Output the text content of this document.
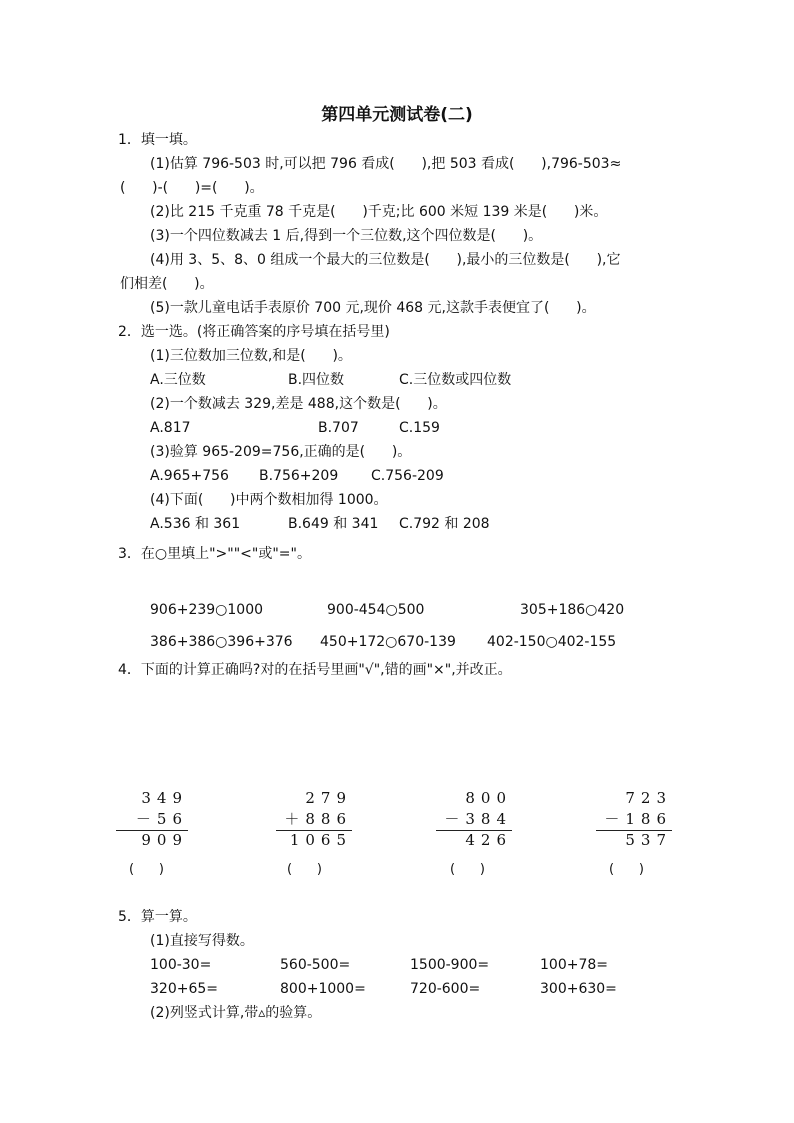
第四单元测试卷(二)
1．填一填。
(1)估算 796-503 时,可以把 796 看成(      ),把 503 看成(      ),796-503≈
(      )-(      )=(      )。
(2)比 215 千克重 78 千克是(      )千克;比 600 米短 139 米是(      )米。
(3)一个四位数减去 1 后,得到一个三位数,这个四位数是(      )。
(4)用 3、5、8、0 组成一个最大的三位数是(      ),最小的三位数是(      ),它
们相差(      )。
(5)一款儿童电话手表原价 700 元,现价 468 元,这款手表便宜了(      )。
2．选一选。(将正确答案的序号填在括号里)
(1)三位数加三位数,和是(      )。
A.三位数	B.四位数	C.三位数或四位数
(2)一个数减去 329,差是 488,这个数是(      )。
A.817	B.707	C.159
(3)验算 965-209=756,正确的是(      )。
A.965+756 B.756+209 C.756-209
(4)下面(      )中两个数相加得 1000。
A.536 和 361	B.649 和 341 C.792 和 208
3．在○里填上">""<"或"="。
906+239○1000	900-454○500	305+186○420
386+386○396+376 450+172○670-139 402-150○402-155
4．下面的计算正确吗?对的在括号里画"√",错的画"×",并改正。
349
－56
909
(      )
279
＋886
1065
(      )
800
－384
426
(      )
723
－186
537
(      )
5．算一算。
(1)直接写得数。
100-30=	560-500=	1500-900=	100+78=
320+65=	800+1000=	720-600=	300+630=
(2)列竖式计算,带▵的验算。
